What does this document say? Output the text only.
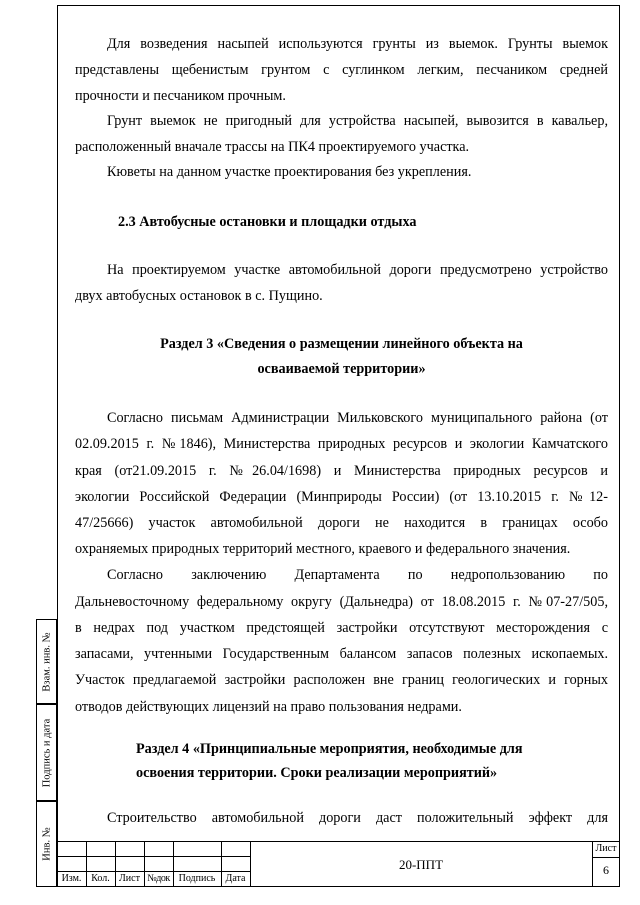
Взам. инв. №
Подпись и дата
Инв. №

Для возведения насыпей используются грунты из выемок. Грунты выемок

представлены щебенистым грунтом с суглинком легким, песчаником средней

прочности и песчаником прочным.

Грунт выемок не пригодный для устройства насыпей, вывозится в кавальер,

расположенный вначале трассы на ПК4 проектируемого участка.

Кюветы на данном участке проектирования без укрепления.

2.3 Автобусные остановки и площадки отдыха

На проектируемом участке автомобильной дороги предусмотрено устройство

двух автобусных остановок в с. Пущино.

Раздел 3 «Сведения о размещении линейного объекта на

осваиваемой территории»

Согласно письмам Администрации Мильковского муниципального района (от

02.09.2015 г. №1846), Министерства природных ресурсов и экологии Камчатского

края (от21.09.2015 г. №26.04/1698) и Министерства природных ресурсов и

экологии Российской Федерации (Минприроды России) (от 13.10.2015 г. №12-

47/25666) участок автомобильной дороги не находится в границах особо

охраняемых природных территорий местного, краевого и федерального значения.

Согласно заключению Департамента по недропользованию по

Дальневосточному федеральному округу (Дальнедра) от 18.08.2015 г. №07-27/505,

в недрах под участком предстоящей застройки отсутствуют месторождения с

запасами, учтенными Государственным балансом запасов полезных ископаемых.

Участок предлагаемой застройки расположен вне границ геологических и горных

отводов действующих лицензий на право пользования недрами.

Раздел 4 «Принципиальные мероприятия, необходимые для

освоения территории. Сроки реализации мероприятий»

Строительство автомобильной дороги даст положительный эффект для

Изм. Кол. Лист №док Подпись	Дата
20-ППТ
Лист
6
